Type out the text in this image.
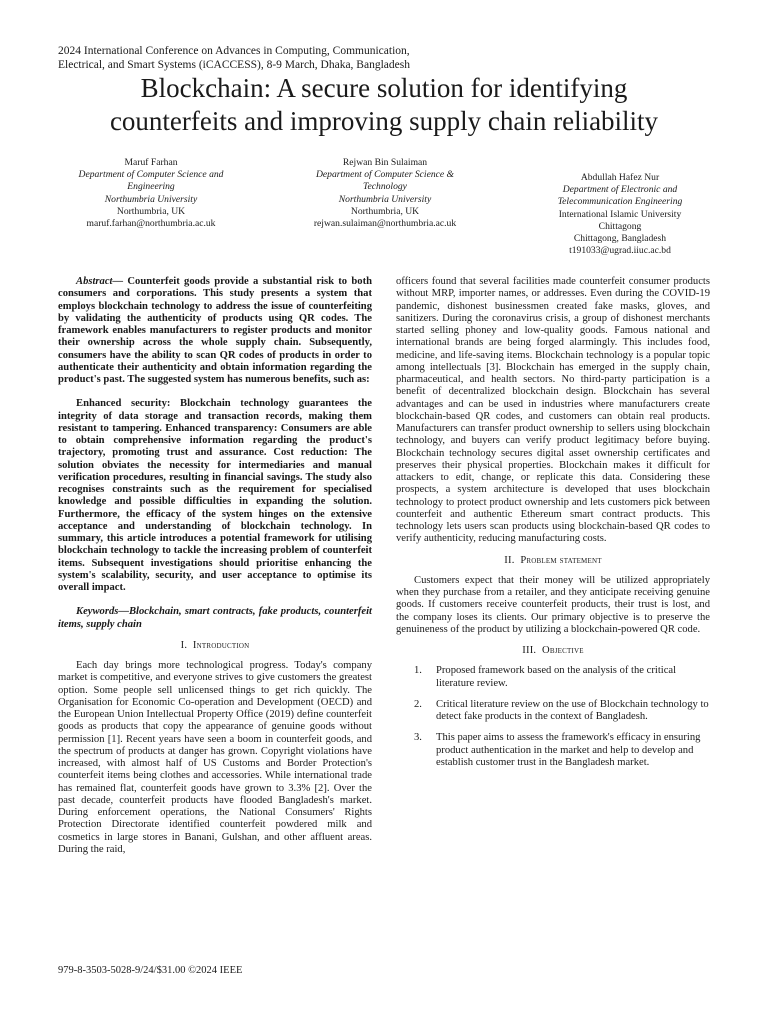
2024 International Conference on Advances in Computing, Communication,
Electrical, and Smart Systems (iCACCESS), 8-9 March, Dhaka, Bangladesh
Blockchain: A secure solution for identifying
counterfeits and improving supply chain reliability
Maruf Farhan
Department of Computer Science and
Engineering
Northumbria University
Northumbria, UK
maruf.farhan@northumbria.ac.uk
Rejwan Bin Sulaiman
Department of Computer Science &
Technology
Northumbria University
Northumbria, UK
rejwan.sulaiman@northumbria.ac.uk
Abdullah Hafez Nur
Department of Electronic and
Telecommunication Engineering
International Islamic University
Chittagong
Chittagong, Bangladesh
t191033@ugrad.iiuc.ac.bd

Abstract— Counterfeit goods provide a substantial risk to both consumers and corporations. This study presents a system that employs blockchain technology to address the issue of counterfeiting by validating the authenticity of products using QR codes. The framework enables manufacturers to register products and monitor their ownership across the whole supply chain. Subsequently, consumers have the ability to scan QR codes of products in order to authenticate their authenticity and obtain information regarding the product's past. The suggested system has numerous benefits, such as:

Enhanced security: Blockchain technology guarantees the integrity of data storage and transaction records, making them resistant to tampering. Enhanced transparency: Consumers are able to obtain comprehensive information regarding the product's trajectory, promoting trust and assurance. Cost reduction: The solution obviates the necessity for intermediaries and manual verification procedures, resulting in financial savings. The study also recognises constraints such as the requirement for specialised knowledge and possible difficulties in expanding the solution. Furthermore, the efficacy of the system hinges on the extensive acceptance and understanding of blockchain technology. In summary, this article introduces a potential framework for utilising blockchain technology to tackle the increasing problem of counterfeit items. Subsequent investigations should prioritise enhancing the system's scalability, security, and user acceptance to optimise its overall impact.

Keywords—Blockchain, smart contracts, fake products, counterfeit items, supply chain

I. Introduction

Each day brings more technological progress. Today's company market is competitive, and everyone strives to give customers the greatest option. Some people sell unlicensed things to get rich quickly. The Organisation for Economic Co-operation and Development (OECD) and the European Union Intellectual Property Office (2019) define counterfeit goods as products that copy the appearance of genuine goods without permission [1]. Recent years have seen a boom in counterfeit goods, and the spectrum of products at danger has grown. Copyright violations have increased, with almost half of US Customs and Border Protection's counterfeit items being clothes and accessories. While international trade has remained flat, counterfeit goods have grown to 3.3% [2]. Over the past decade, counterfeit products have flooded Bangladesh's market. During enforcement operations, the National Consumers' Rights Protection Directorate identified counterfeit powdered milk and cosmetics in large stores in Banani, Gulshan, and other affluent areas. During the raid,

officers found that several facilities made counterfeit consumer products without MRP, importer names, or addresses. Even during the COVID-19 pandemic, dishonest businessmen created fake masks, gloves, and sanitizers. During the coronavirus crisis, a group of dishonest merchants started selling phoney and low-quality goods. Famous national and international brands are being forged alarmingly. This includes food, medicine, and life-saving items. Blockchain technology is a popular topic among intellectuals [3]. Blockchain has emerged in the supply chain, pharmaceutical, and health sectors. No third-party participation is a benefit of decentralized blockchain design. Blockchain has several advantages and can be used in industries where manufacturers create blockchain-based QR codes, and customers can obtain real products. Manufacturers can transfer product ownership to sellers using blockchain technology, and buyers can verify product legitimacy before buying. Blockchain technology secures digital asset ownership certificates and preserves their physical properties. Blockchain makes it difficult for attackers to edit, change, or replicate this data. Considering these prospects, a system architecture is developed that uses blockchain technology to protect product ownership and lets customers pick between counterfeit and authentic Ethereum smart contract products. This technology lets users scan products using blockchain-based QR codes to verify authenticity, reducing manufacturing costs.

II. Problem statement

Customers expect that their money will be utilized appropriately when they purchase from a retailer, and they anticipate receiving genuine goods. If customers receive counterfeit products, their trust is lost, and the company loses its clients. Our primary objective is to preserve the genuineness of the product by utilizing a blockchain-powered QR code.

III. Objective
1. Proposed framework based on the analysis of the critical literature review.
2. Critical literature review on the use of Blockchain technology to detect fake products in the context of Bangladesh.
3. This paper aims to assess the framework's efficacy in ensuring product authentication in the market and help to develop and establish customer trust in the Bangladesh market.
979-8-3503-5028-9/24/$31.00 ©2024 IEEE
